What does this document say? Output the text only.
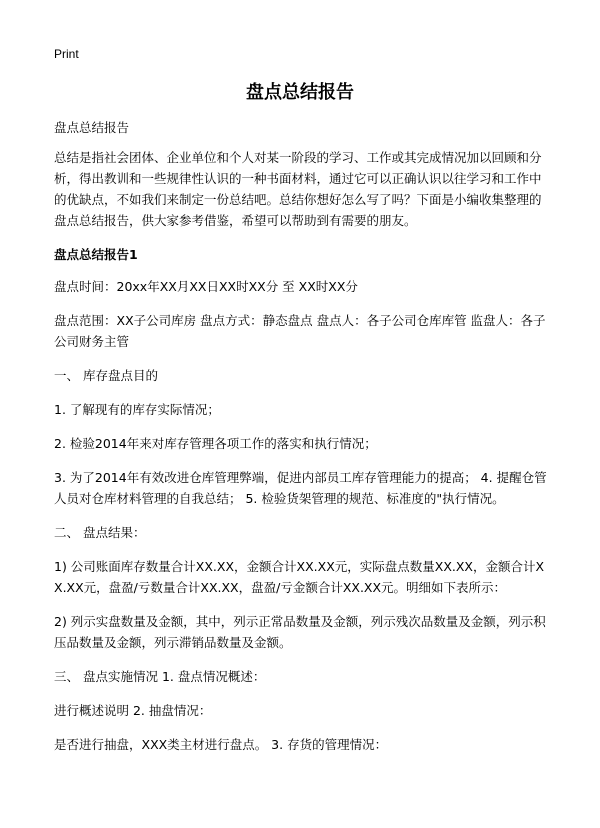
Print
盘点总结报告

盘点总结报告

总结是指社会团体、企业单位和个人对某一阶段的学习、工作或其完成情况加以回顾和分析，得出教训和一些规律性认识的一种书面材料，通过它可以正确认识以往学习和工作中的优缺点，不如我们来制定一份总结吧。总结你想好怎么写了吗？下面是小编收集整理的盘点总结报告，供大家参考借鉴，希望可以帮助到有需要的朋友。

盘点总结报告1

盘点时间：20xx年XX月XX日XX时XX分 至 XX时XX分

盘点范围：XX子公司库房 盘点方式：静态盘点 盘点人：各子公司仓库库管 监盘人：各子公司财务主管

一、 库存盘点目的

1. 了解现有的库存实际情况；

2. 检验2014年来对库存管理各项工作的落实和执行情况；

3. 为了2014年有效改进仓库管理弊端，促进内部员工库存管理能力的提高； 4. 提醒仓管人员对仓库材料管理的自我总结； 5. 检验货架管理的规范、标准度的"执行情况。

二、 盘点结果：

1) 公司账面库存数量合计XX.XX，金额合计XX.XX元，实际盘点数量XX.XX，金额合计XX.XX元，盘盈/亏数量合计XX.XX，盘盈/亏金额合计XX.XX元。明细如下表所示：

2) 列示实盘数量及金额，其中，列示正常品数量及金额，列示残次品数量及金额，列示积压品数量及金额，列示滞销品数量及金额。

三、 盘点实施情况 1. 盘点情况概述：

进行概述说明 2. 抽盘情况：

是否进行抽盘，XXX类主材进行盘点。 3. 存货的管理情况：
